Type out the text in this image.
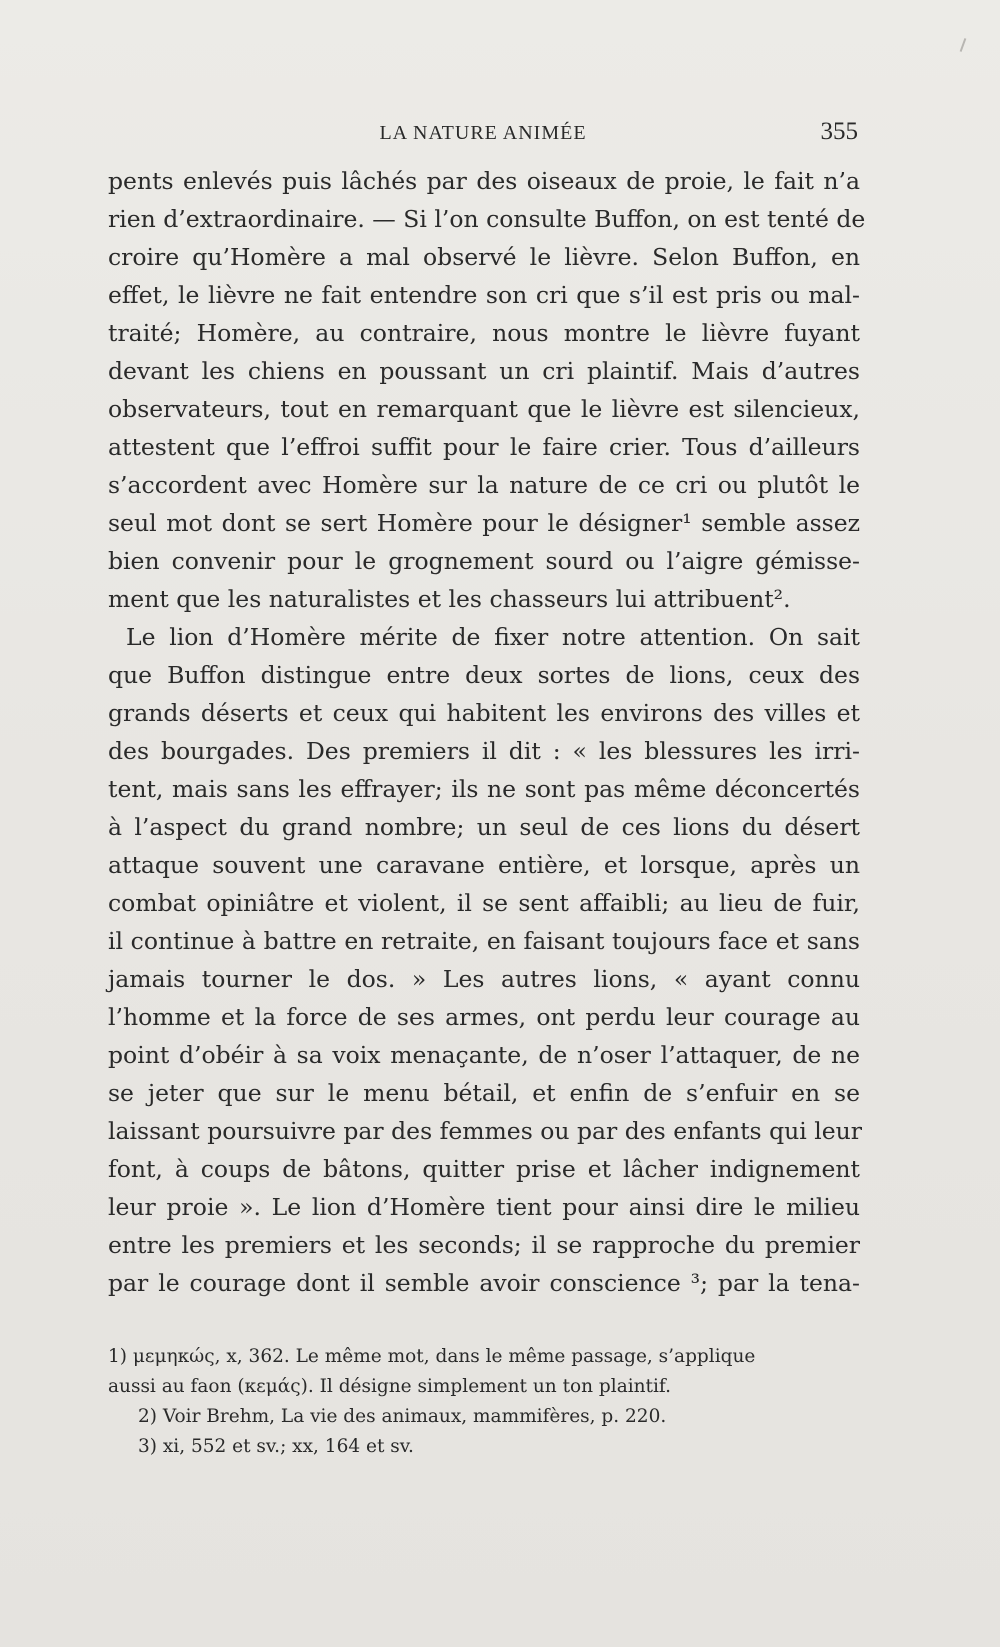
LA NATURE ANIMÉE	355
pents enlevés puis lâchés par des oiseaux de proie, le fait n’a
rien d’extraordinaire. — Si l’on consulte Buffon, on est tenté de
croire qu’Homère a mal observé le lièvre. Selon Buffon, en
effet, le lièvre ne fait entendre son cri que s’il est pris ou mal-
traité; Homère, au contraire, nous montre le lièvre fuyant
devant les chiens en poussant un cri plaintif. Mais d’autres
observateurs, tout en remarquant que le lièvre est silencieux,
attestent que l’effroi suffit pour le faire crier. Tous d’ailleurs
s’accordent avec Homère sur la nature de ce cri ou plutôt le
seul mot dont se sert Homère pour le désigner¹ semble assez
bien convenir pour le grognement sourd ou l’aigre gémisse-
ment que les naturalistes et les chasseurs lui attribuent².
Le lion d’Homère mérite de fixer notre attention. On sait
que Buffon distingue entre deux sortes de lions, ceux des
grands déserts et ceux qui habitent les environs des villes et
des bourgades. Des premiers il dit : « les blessures les irri-
tent, mais sans les effrayer; ils ne sont pas même déconcertés
à l’aspect du grand nombre; un seul de ces lions du désert
attaque souvent une caravane entière, et lorsque, après un
combat opiniâtre et violent, il se sent affaibli; au lieu de fuir,
il continue à battre en retraite, en faisant toujours face et sans
jamais tourner le dos. » Les autres lions, « ayant connu
l’homme et la force de ses armes, ont perdu leur courage au
point d’obéir à sa voix menaçante, de n’oser l’attaquer, de ne
se jeter que sur le menu bétail, et enfin de s’enfuir en se
laissant poursuivre par des femmes ou par des enfants qui leur
font, à coups de bâtons, quitter prise et lâcher indignement
leur proie ». Le lion d’Homère tient pour ainsi dire le milieu
entre les premiers et les seconds; il se rapproche du premier
par le courage dont il semble avoir conscience ³; par la tena-
1) μεμηκώς, x, 362. Le même mot, dans le même passage, s’applique
aussi au faon (κεμάς). Il désigne simplement un ton plaintif.
2) Voir Brehm, La vie des animaux, mammifères, p. 220.
3) xi, 552 et sv.; xx, 164 et sv.
